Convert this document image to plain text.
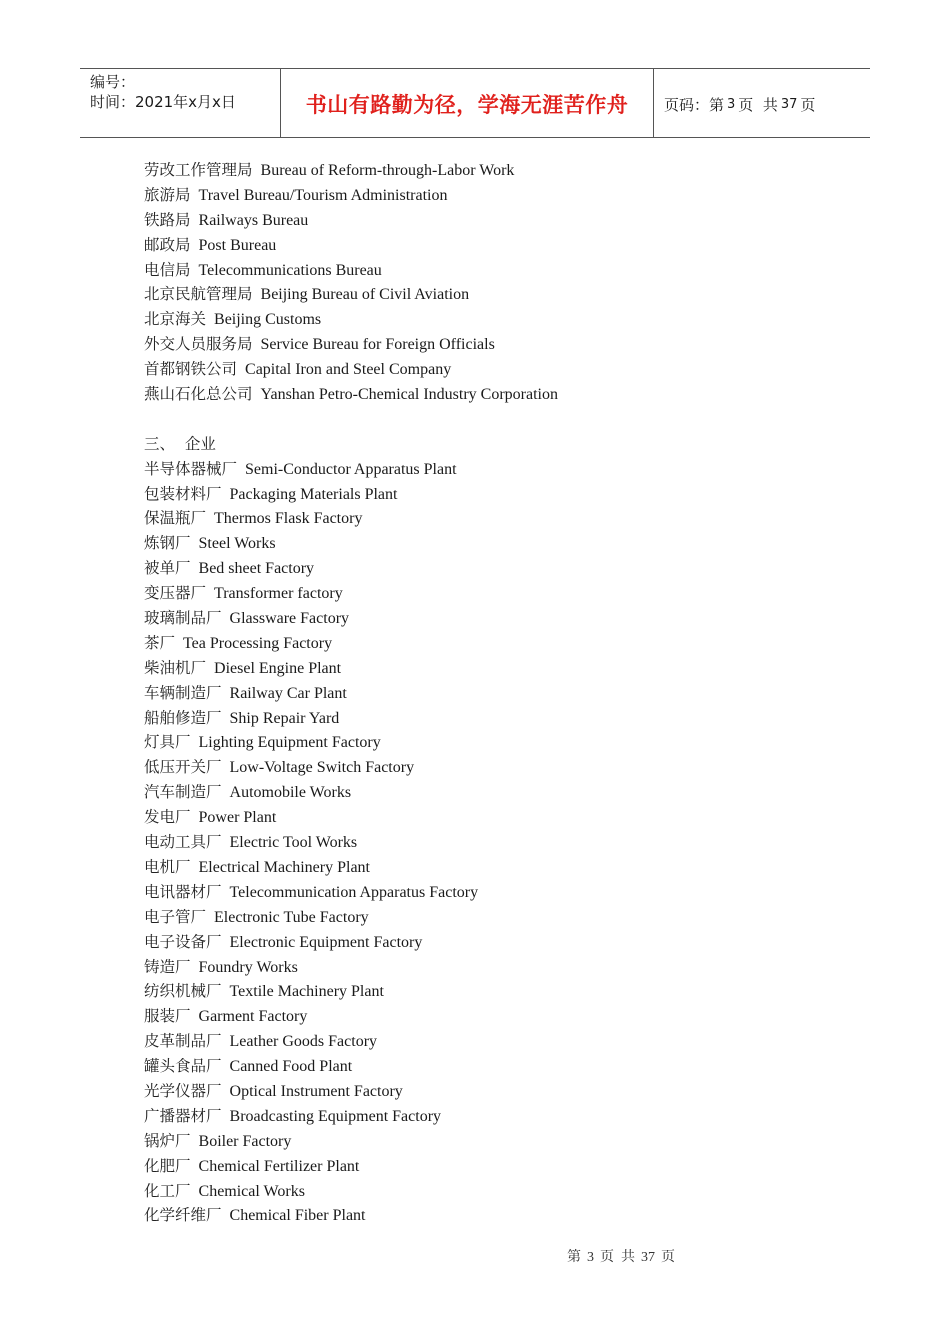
编号：
时间：2021年x月x日	书山有路勤为径，学海无涯苦作舟	页码：第 3 页  共 37 页
劳改工作管理局 Bureau of Reform-through-Labor Work
旅游局 Travel Bureau/Tourism Administration
铁路局 Railways Bureau
邮政局 Post Bureau
电信局 Telecommunications Bureau
北京民航管理局 Beijing Bureau of Civil Aviation
北京海关 Beijing Customs
外交人员服务局 Service Bureau for Foreign Officials
首都钢铁公司 Capital Iron and Steel Company
燕山石化总公司 Yanshan Petro-Chemical Industry Corporation
三、  企业
半导体器械厂 Semi-Conductor Apparatus Plant
包装材料厂 Packaging Materials Plant
保温瓶厂 Thermos Flask Factory
炼钢厂 Steel Works
被单厂 Bed sheet Factory
变压器厂 Transformer factory
玻璃制品厂 Glassware Factory
茶厂 Tea Processing Factory
柴油机厂 Diesel Engine Plant
车辆制造厂 Railway Car Plant
船舶修造厂 Ship Repair Yard
灯具厂 Lighting Equipment Factory
低压开关厂 Low-Voltage Switch Factory
汽车制造厂 Automobile Works
发电厂 Power Plant
电动工具厂 Electric Tool Works
电机厂 Electrical Machinery Plant
电讯器材厂 Telecommunication Apparatus Factory
电子管厂 Electronic Tube Factory
电子设备厂 Electronic Equipment Factory
铸造厂 Foundry Works
纺织机械厂 Textile Machinery Plant
服装厂 Garment Factory
皮革制品厂 Leather Goods Factory
罐头食品厂 Canned Food Plant
光学仪器厂 Optical Instrument Factory
广播器材厂 Broadcasting Equipment Factory
锅炉厂 Boiler Factory
化肥厂 Chemical Fertilizer Plant
化工厂 Chemical Works
化学纤维厂 Chemical Fiber Plant
第 3 页  共 37 页
